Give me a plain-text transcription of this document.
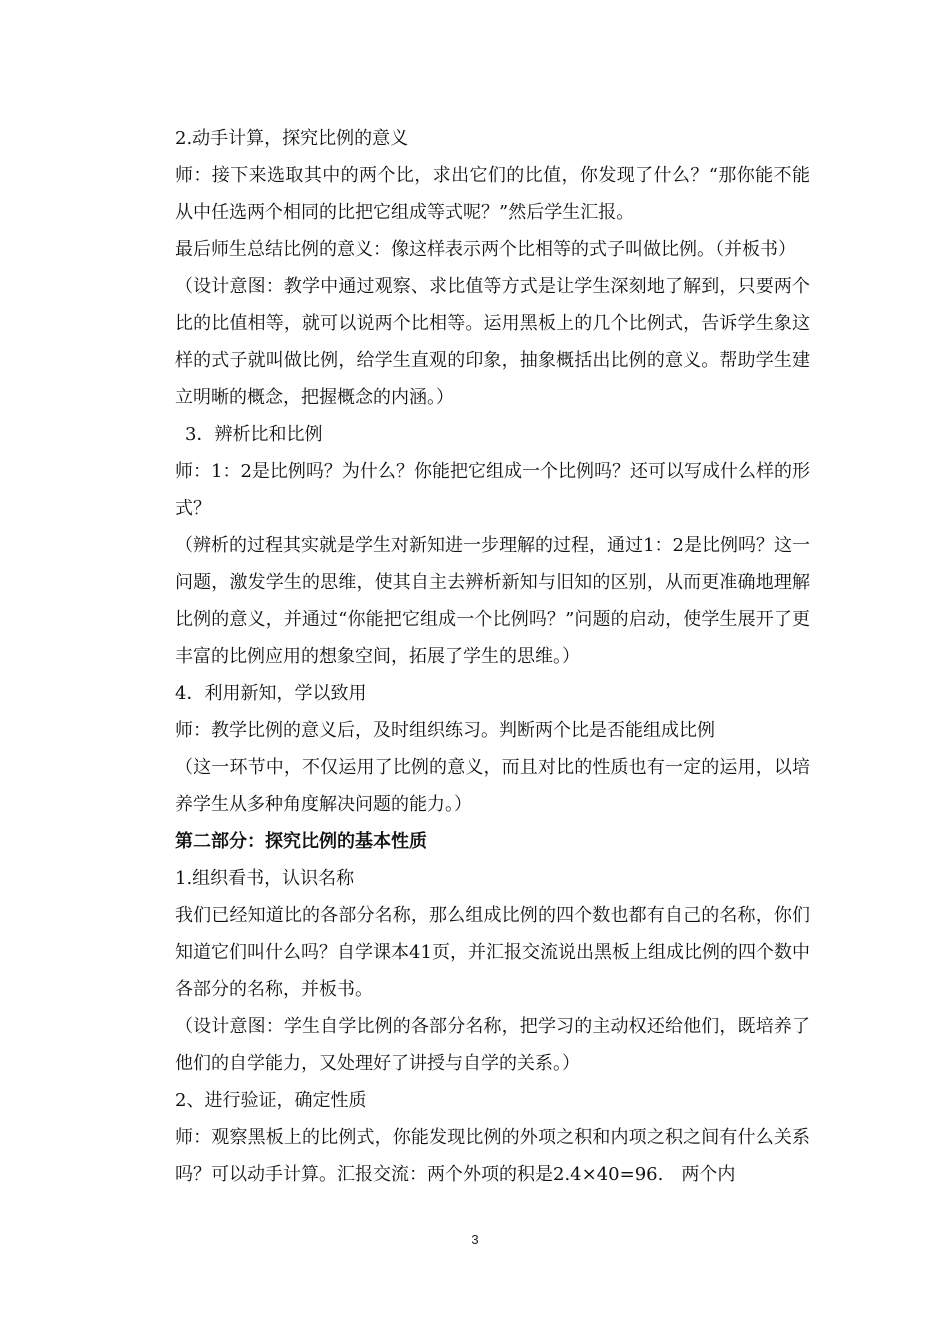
2.动手计算，探究比例的意义

师：接下来选取其中的两个比，求出它们的比值，你发现了什么？“那你能不能从中任选两个相同的比把它组成等式呢？”然后学生汇报。

最后师生总结比例的意义：像这样表示两个比相等的式子叫做比例。（并板书）

（设计意图：教学中通过观察、求比值等方式是让学生深刻地了解到，只要两个比的比值相等，就可以说两个比相等。运用黑板上的几个比例式，告诉学生象这样的式子就叫做比例，给学生直观的印象，抽象概括出比例的意义。帮助学生建立明晰的概念，把握概念的内涵。）

3．辨析比和比例

师：1：2是比例吗？为什么？你能把它组成一个比例吗？还可以写成什么样的形式？

（辨析的过程其实就是学生对新知进一步理解的过程，通过1：2是比例吗？这一问题，激发学生的思维，使其自主去辨析新知与旧知的区别，从而更准确地理解比例的意义，并通过“你能把它组成一个比例吗？”问题的启动，使学生展开了更丰富的比例应用的想象空间，拓展了学生的思维。）

4．利用新知，学以致用

师：教学比例的意义后，及时组织练习。判断两个比是否能组成比例

（这一环节中，不仅运用了比例的意义，而且对比的性质也有一定的运用，以培养学生从多种角度解决问题的能力。）

第二部分：探究比例的基本性质

1.组织看书，认识名称

我们已经知道比的各部分名称，那么组成比例的四个数也都有自己的名称，你们知道它们叫什么吗？自学课本41页，并汇报交流说出黑板上组成比例的四个数中各部分的名称，并板书。

（设计意图：学生自学比例的各部分名称，把学习的主动权还给他们，既培养了他们的自学能力，又处理好了讲授与自学的关系。）

2、进行验证，确定性质

师：观察黑板上的比例式，你能发现比例的外项之积和内项之积之间有什么关系吗？可以动手计算。汇报交流：两个外项的积是2.4×40=96.　两个内

3
